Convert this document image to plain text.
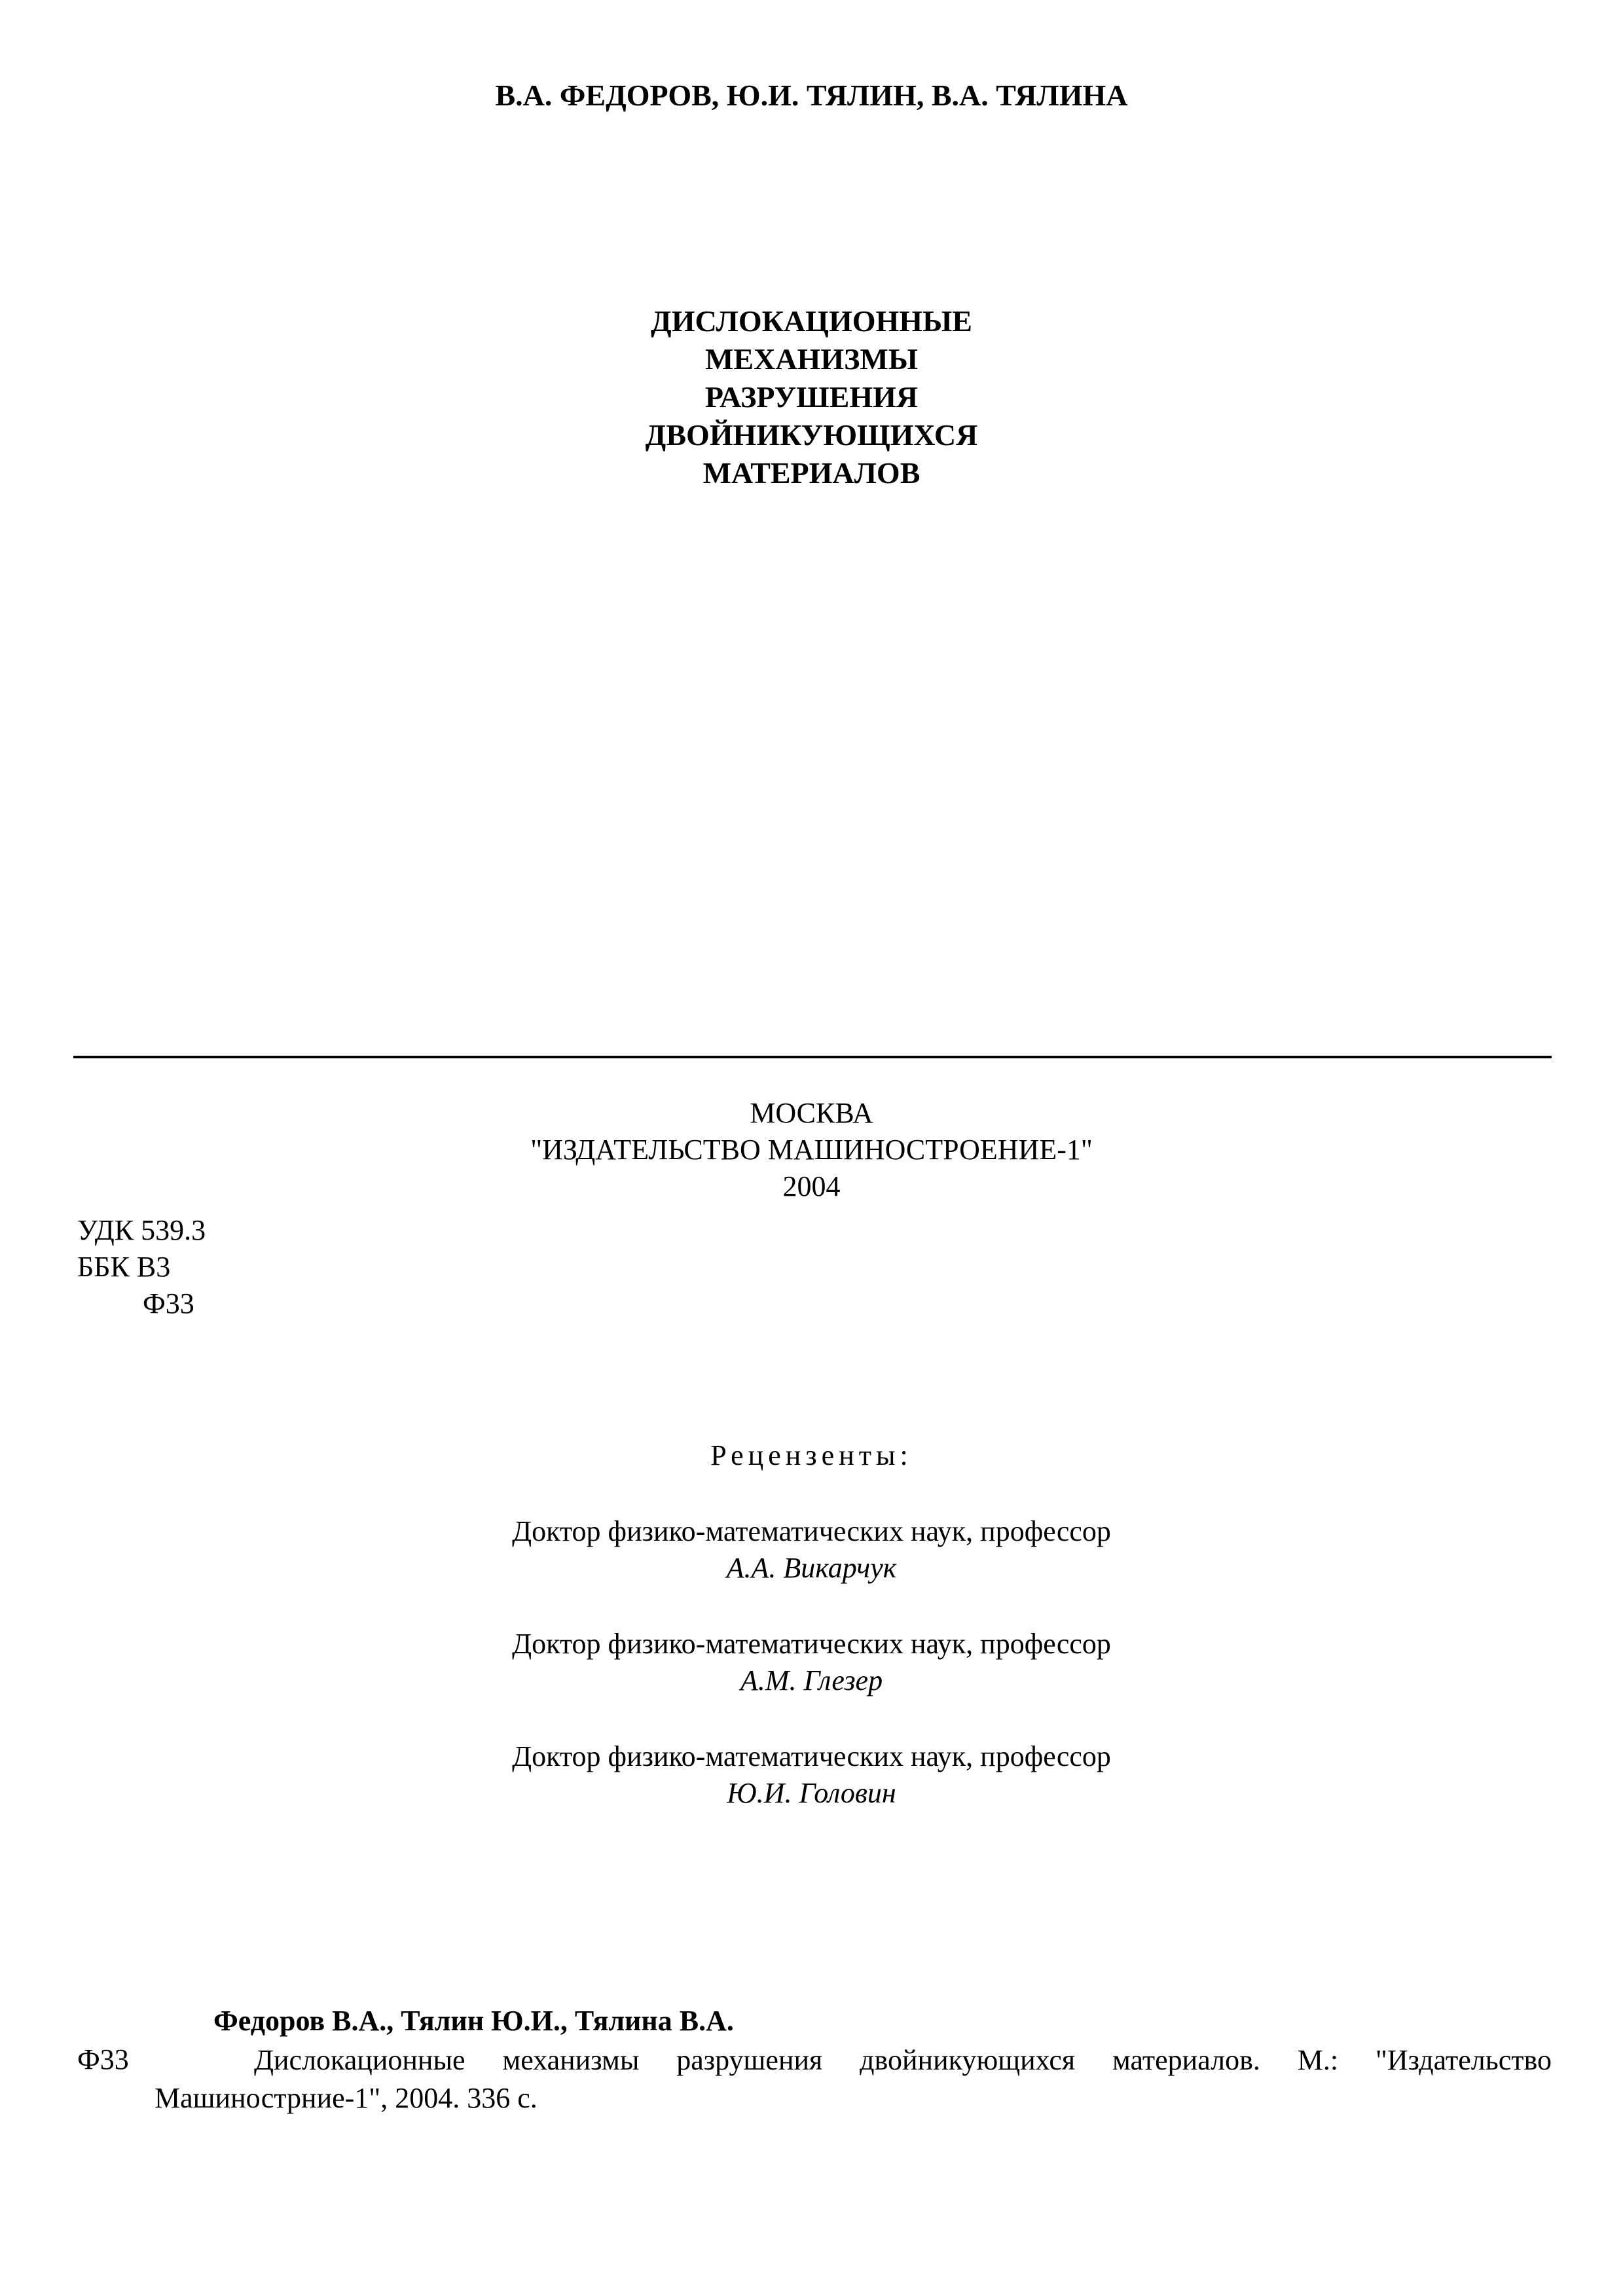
В.А. ФЕДОРОВ, Ю.И. ТЯЛИН, В.А. ТЯЛИНА
ДИСЛОКАЦИОННЫЕ
МЕХАНИЗМЫ
РАЗРУШЕНИЯ
ДВОЙНИКУЮЩИХСЯ
МАТЕРИАЛОВ
МОСКВА
"ИЗДАТЕЛЬСТВО МАШИНОСТРОЕНИЕ-1"
2004
УДК 539.3
ББК В3
Ф33
Рецензенты:
Доктор физико-математических наук, профессор
А.А. Викарчук
Доктор физико-математических наук, профессор
А.М. Глезер
Доктор физико-математических наук, профессор
Ю.И. Головин
Федоров В.А., Тялин Ю.И., Тялина В.А.
Ф33	Дислокационные механизмы разрушения двойникующихся материалов. М.: "Издательство Машинострние-1", 2004. 336 с.
